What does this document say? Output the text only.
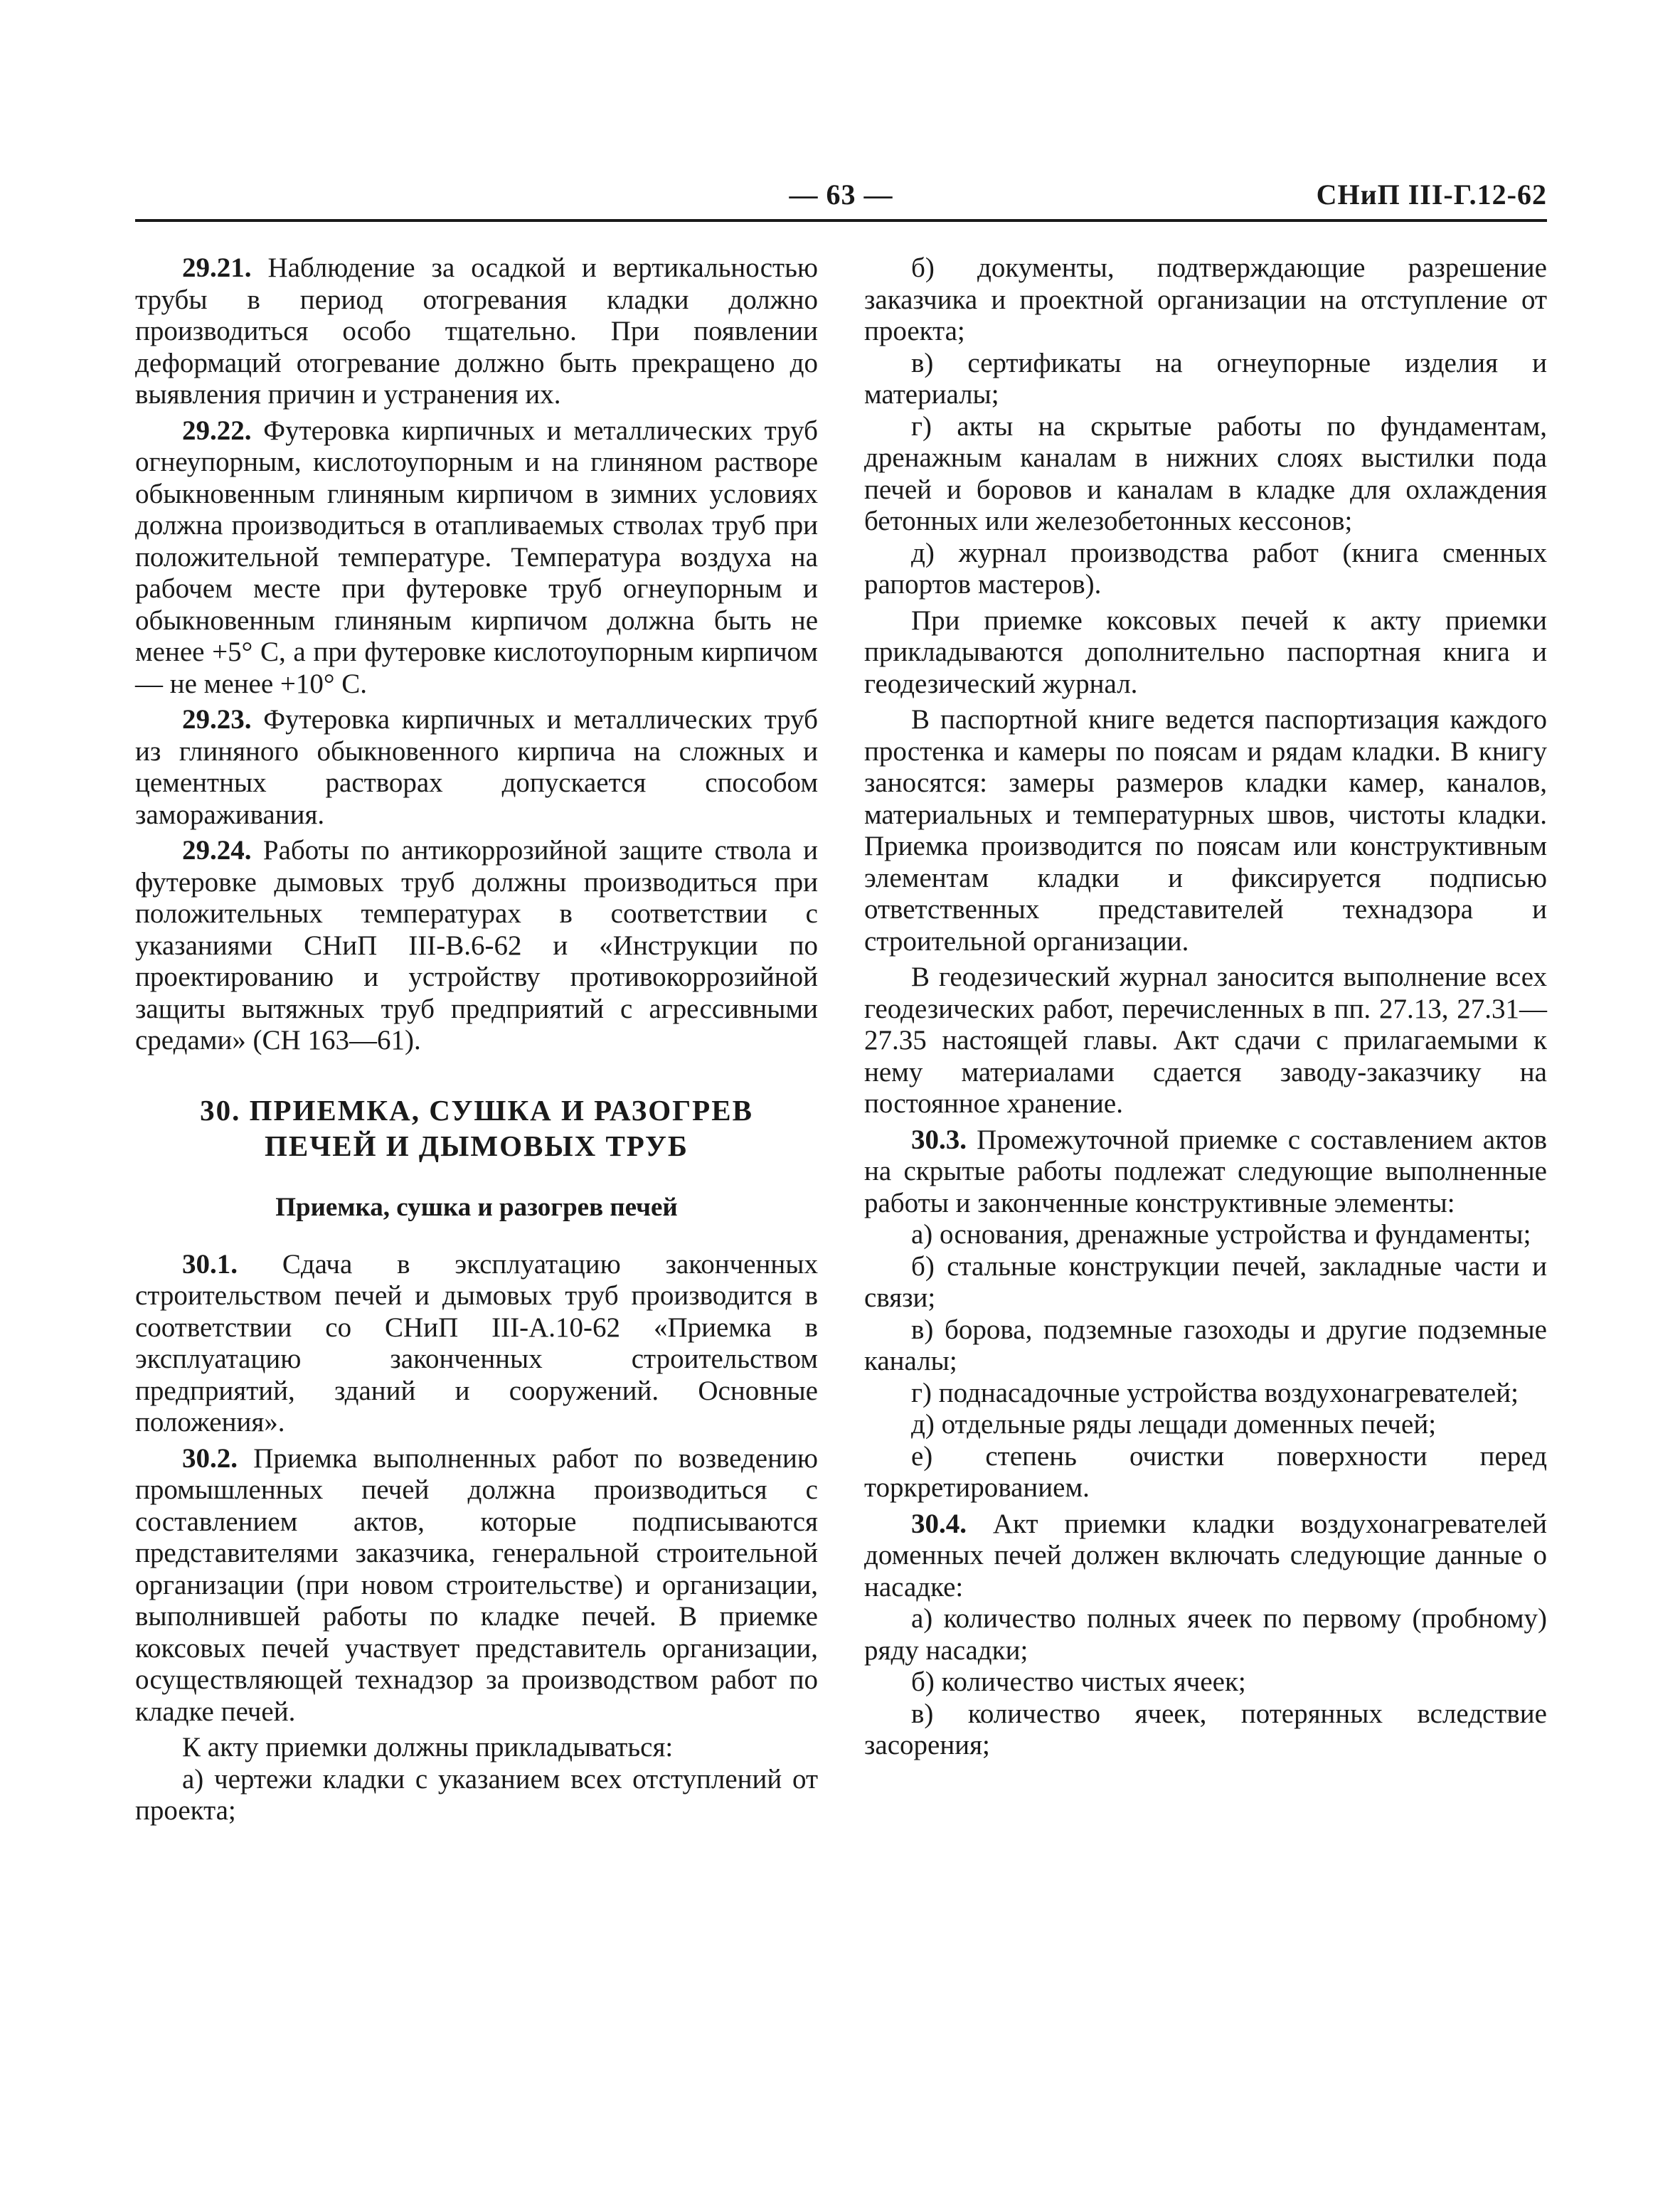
— 63 —	СНиП III-Г.12-62

29.21. Наблюдение за осадкой и вертикальностью трубы в период отогревания кладки должно производиться особо тщательно. При появлении деформаций отогревание должно быть прекращено до выявления причин и устранения их.

29.22. Футеровка кирпичных и металлических труб огнеупорным, кислотоупорным и на глиняном растворе обыкновенным глиняным кирпичом в зимних условиях должна производиться в отапливаемых стволах труб при положительной температуре. Температура воздуха на рабочем месте при футеровке труб огнеупорным и обыкновенным глиняным кирпичом должна быть не менее +5° С, а при футеровке кислотоупорным кирпичом — не менее +10° С.

29.23. Футеровка кирпичных и металлических труб из глиняного обыкновенного кирпича на сложных и цементных растворах допускается способом замораживания.

29.24. Работы по антикоррозийной защите ствола и футеровке дымовых труб должны производиться при положительных температурах в соответствии с указаниями СНиП III-В.6-62 и «Инструкции по проектированию и устройству противокоррозийной защиты вытяжных труб предприятий с агрессивными средами» (СН 163—61).

30. ПРИЕМКА, СУШКА И РАЗОГРЕВ
ПЕЧЕЙ И ДЫМОВЫХ ТРУБ
Приемка, сушка и разогрев печей

30.1. Сдача в эксплуатацию законченных строительством печей и дымовых труб производится в соответствии со СНиП III-А.10-62 «Приемка в эксплуатацию законченных строительством предприятий, зданий и сооружений. Основные положения».

30.2. Приемка выполненных работ по возведению промышленных печей должна производиться с составлением актов, которые подписываются представителями заказчика, генеральной строительной организации (при новом строительстве) и организации, выполнившей работы по кладке печей. В приемке коксовых печей участвует представитель организации, осуществляющей технадзор за производством работ по кладке печей.

К акту приемки должны прикладываться:

а) чертежи кладки с указанием всех отступлений от проекта;

б) документы, подтверждающие разрешение заказчика и проектной организации на отступление от проекта;

в) сертификаты на огнеупорные изделия и материалы;

г) акты на скрытые работы по фундаментам, дренажным каналам в нижних слоях выстилки пода печей и боровов и каналам в кладке для охлаждения бетонных или железобетонных кессонов;

д) журнал производства работ (книга сменных рапортов мастеров).

При приемке коксовых печей к акту приемки прикладываются дополнительно паспортная книга и геодезический журнал.

В паспортной книге ведется паспортизация каждого простенка и камеры по поясам и рядам кладки. В книгу заносятся: замеры размеров кладки камер, каналов, материальных и температурных швов, чистоты кладки. Приемка производится по поясам или конструктивным элементам кладки и фиксируется подписью ответственных представителей технадзора и строительной организации.

В геодезический журнал заносится выполнение всех геодезических работ, перечисленных в пп. 27.13, 27.31—27.35 настоящей главы. Акт сдачи с прилагаемыми к нему материалами сдается заводу-заказчику на постоянное хранение.

30.3. Промежуточной приемке с составлением актов на скрытые работы подлежат следующие выполненные работы и законченные конструктивные элементы:

а) основания, дренажные устройства и фундаменты;

б) стальные конструкции печей, закладные части и связи;

в) борова, подземные газоходы и другие подземные каналы;

г) поднасадочные устройства воздухонагревателей;

д) отдельные ряды лещади доменных печей;

е) степень очистки поверхности перед торкретированием.

30.4. Акт приемки кладки воздухонагревателей доменных печей должен включать следующие данные о насадке:

а) количество полных ячеек по первому (пробному) ряду насадки;

б) количество чистых ячеек;

в) количество ячеек, потерянных вследствие засорения;
